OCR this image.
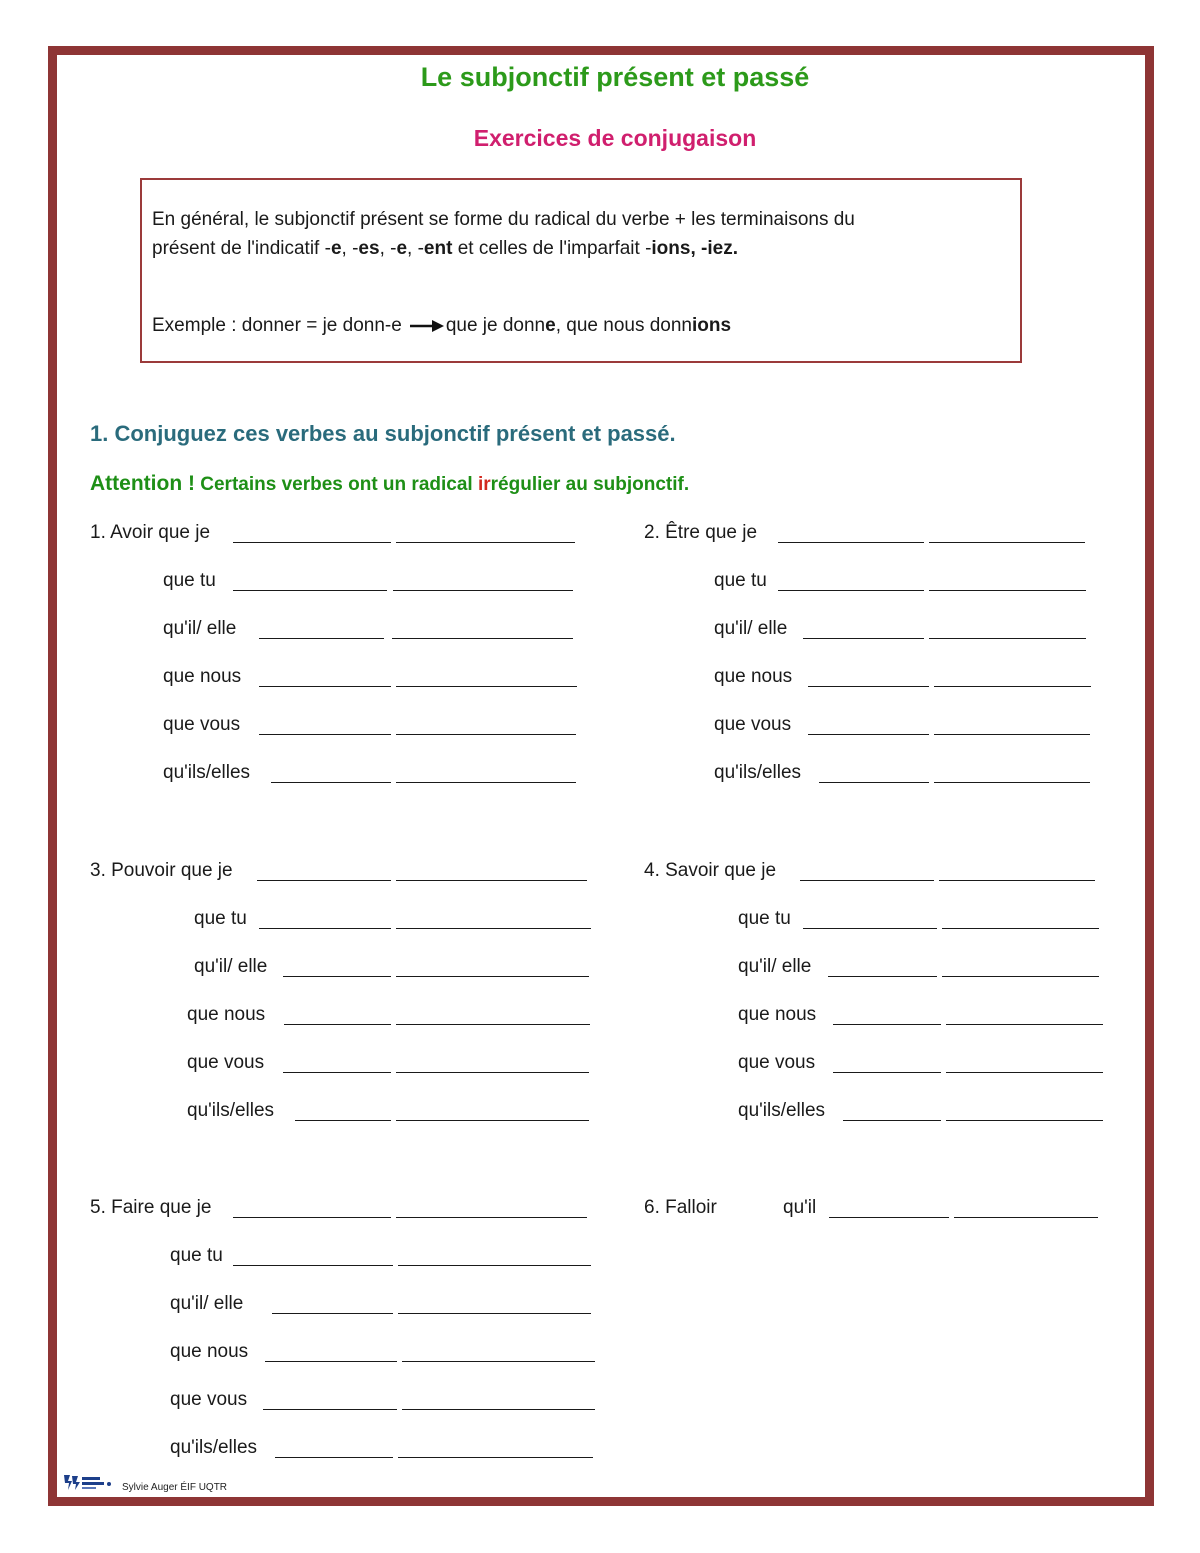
Le subjonctif présent et passé
Exercices de conjugaison
En général, le subjonctif présent se forme du radical du verbe + les terminaisons du
présent de l'indicatif -e, -es, -e, -ent et celles de l'imparfait -ions, -iez.
Exemple : donner = je donn-e que je donne, que nous donnions
1. Conjuguez ces verbes au subjonctif présent et passé.
Attention ! Certains verbes ont un radical irrégulier au subjonctif.
1. Avoir que je
que tu
qu'il/ elle
que nous
que vous
qu'ils/elles
2. Être que je
que tu
qu'il/ elle
que nous
que vous
qu'ils/elles
3. Pouvoir que je
que tu
qu'il/ elle
que nous
que vous
qu'ils/elles
4. Savoir que je
que tu
qu'il/ elle
que nous
que vous
qu'ils/elles
5. Faire que je
que tu
qu'il/ elle
que nous
que vous
qu'ils/elles
6. Falloir	qu'il
Sylvie Auger ÉIF UQTR
